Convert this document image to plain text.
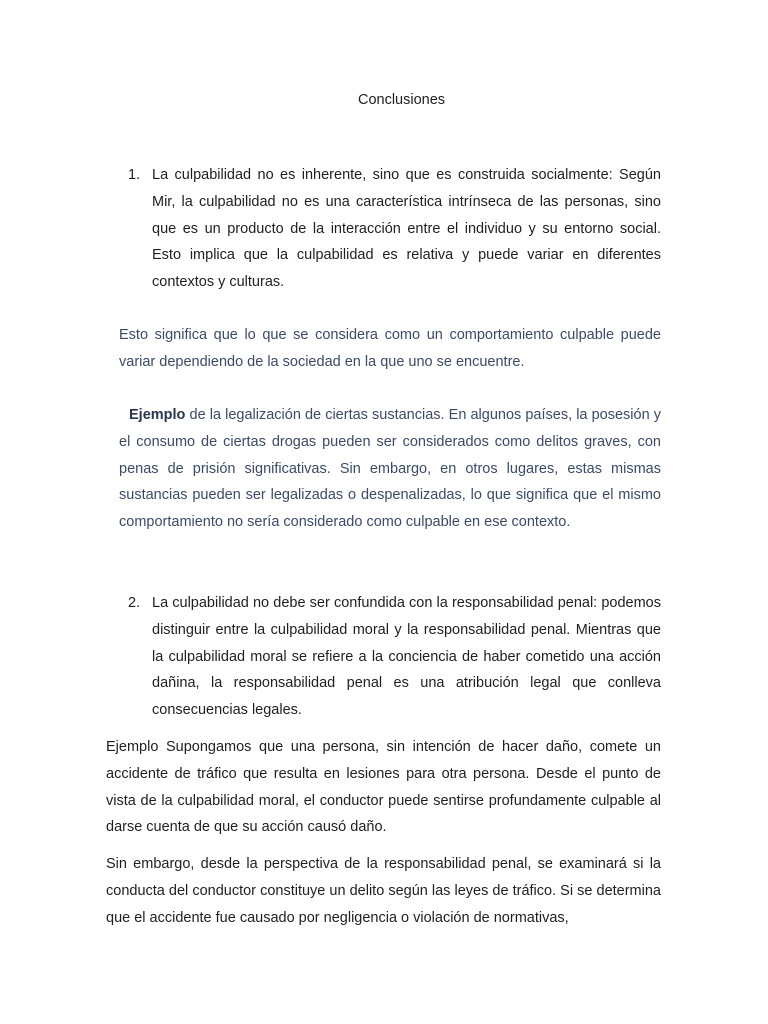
Conclusiones
1. La culpabilidad no es inherente, sino que es construida socialmente: Según Mir, la culpabilidad no es una característica intrínseca de las personas, sino que es un producto de la interacción entre el individuo y su entorno social. Esto implica que la culpabilidad es relativa y puede variar en diferentes contextos y culturas.

Esto significa que lo que se considera como un comportamiento culpable puede variar dependiendo de la sociedad en la que uno se encuentre.

Ejemplo de la legalización de ciertas sustancias. En algunos países, la posesión y el consumo de ciertas drogas pueden ser considerados como delitos graves, con penas de prisión significativas. Sin embargo, en otros lugares, estas mismas sustancias pueden ser legalizadas o despenalizadas, lo que significa que el mismo comportamiento no sería considerado como culpable en ese contexto.

2. La culpabilidad no debe ser confundida con la responsabilidad penal: podemos distinguir entre la culpabilidad moral y la responsabilidad penal. Mientras que la culpabilidad moral se refiere a la conciencia de haber cometido una acción dañina, la responsabilidad penal es una atribución legal que conlleva consecuencias legales.

Ejemplo Supongamos que una persona, sin intención de hacer daño, comete un accidente de tráfico que resulta en lesiones para otra persona. Desde el punto de vista de la culpabilidad moral, el conductor puede sentirse profundamente culpable al darse cuenta de que su acción causó daño.

Sin embargo, desde la perspectiva de la responsabilidad penal, se examinará si la conducta del conductor constituye un delito según las leyes de tráfico. Si se determina que el accidente fue causado por negligencia o violación de normativas,
